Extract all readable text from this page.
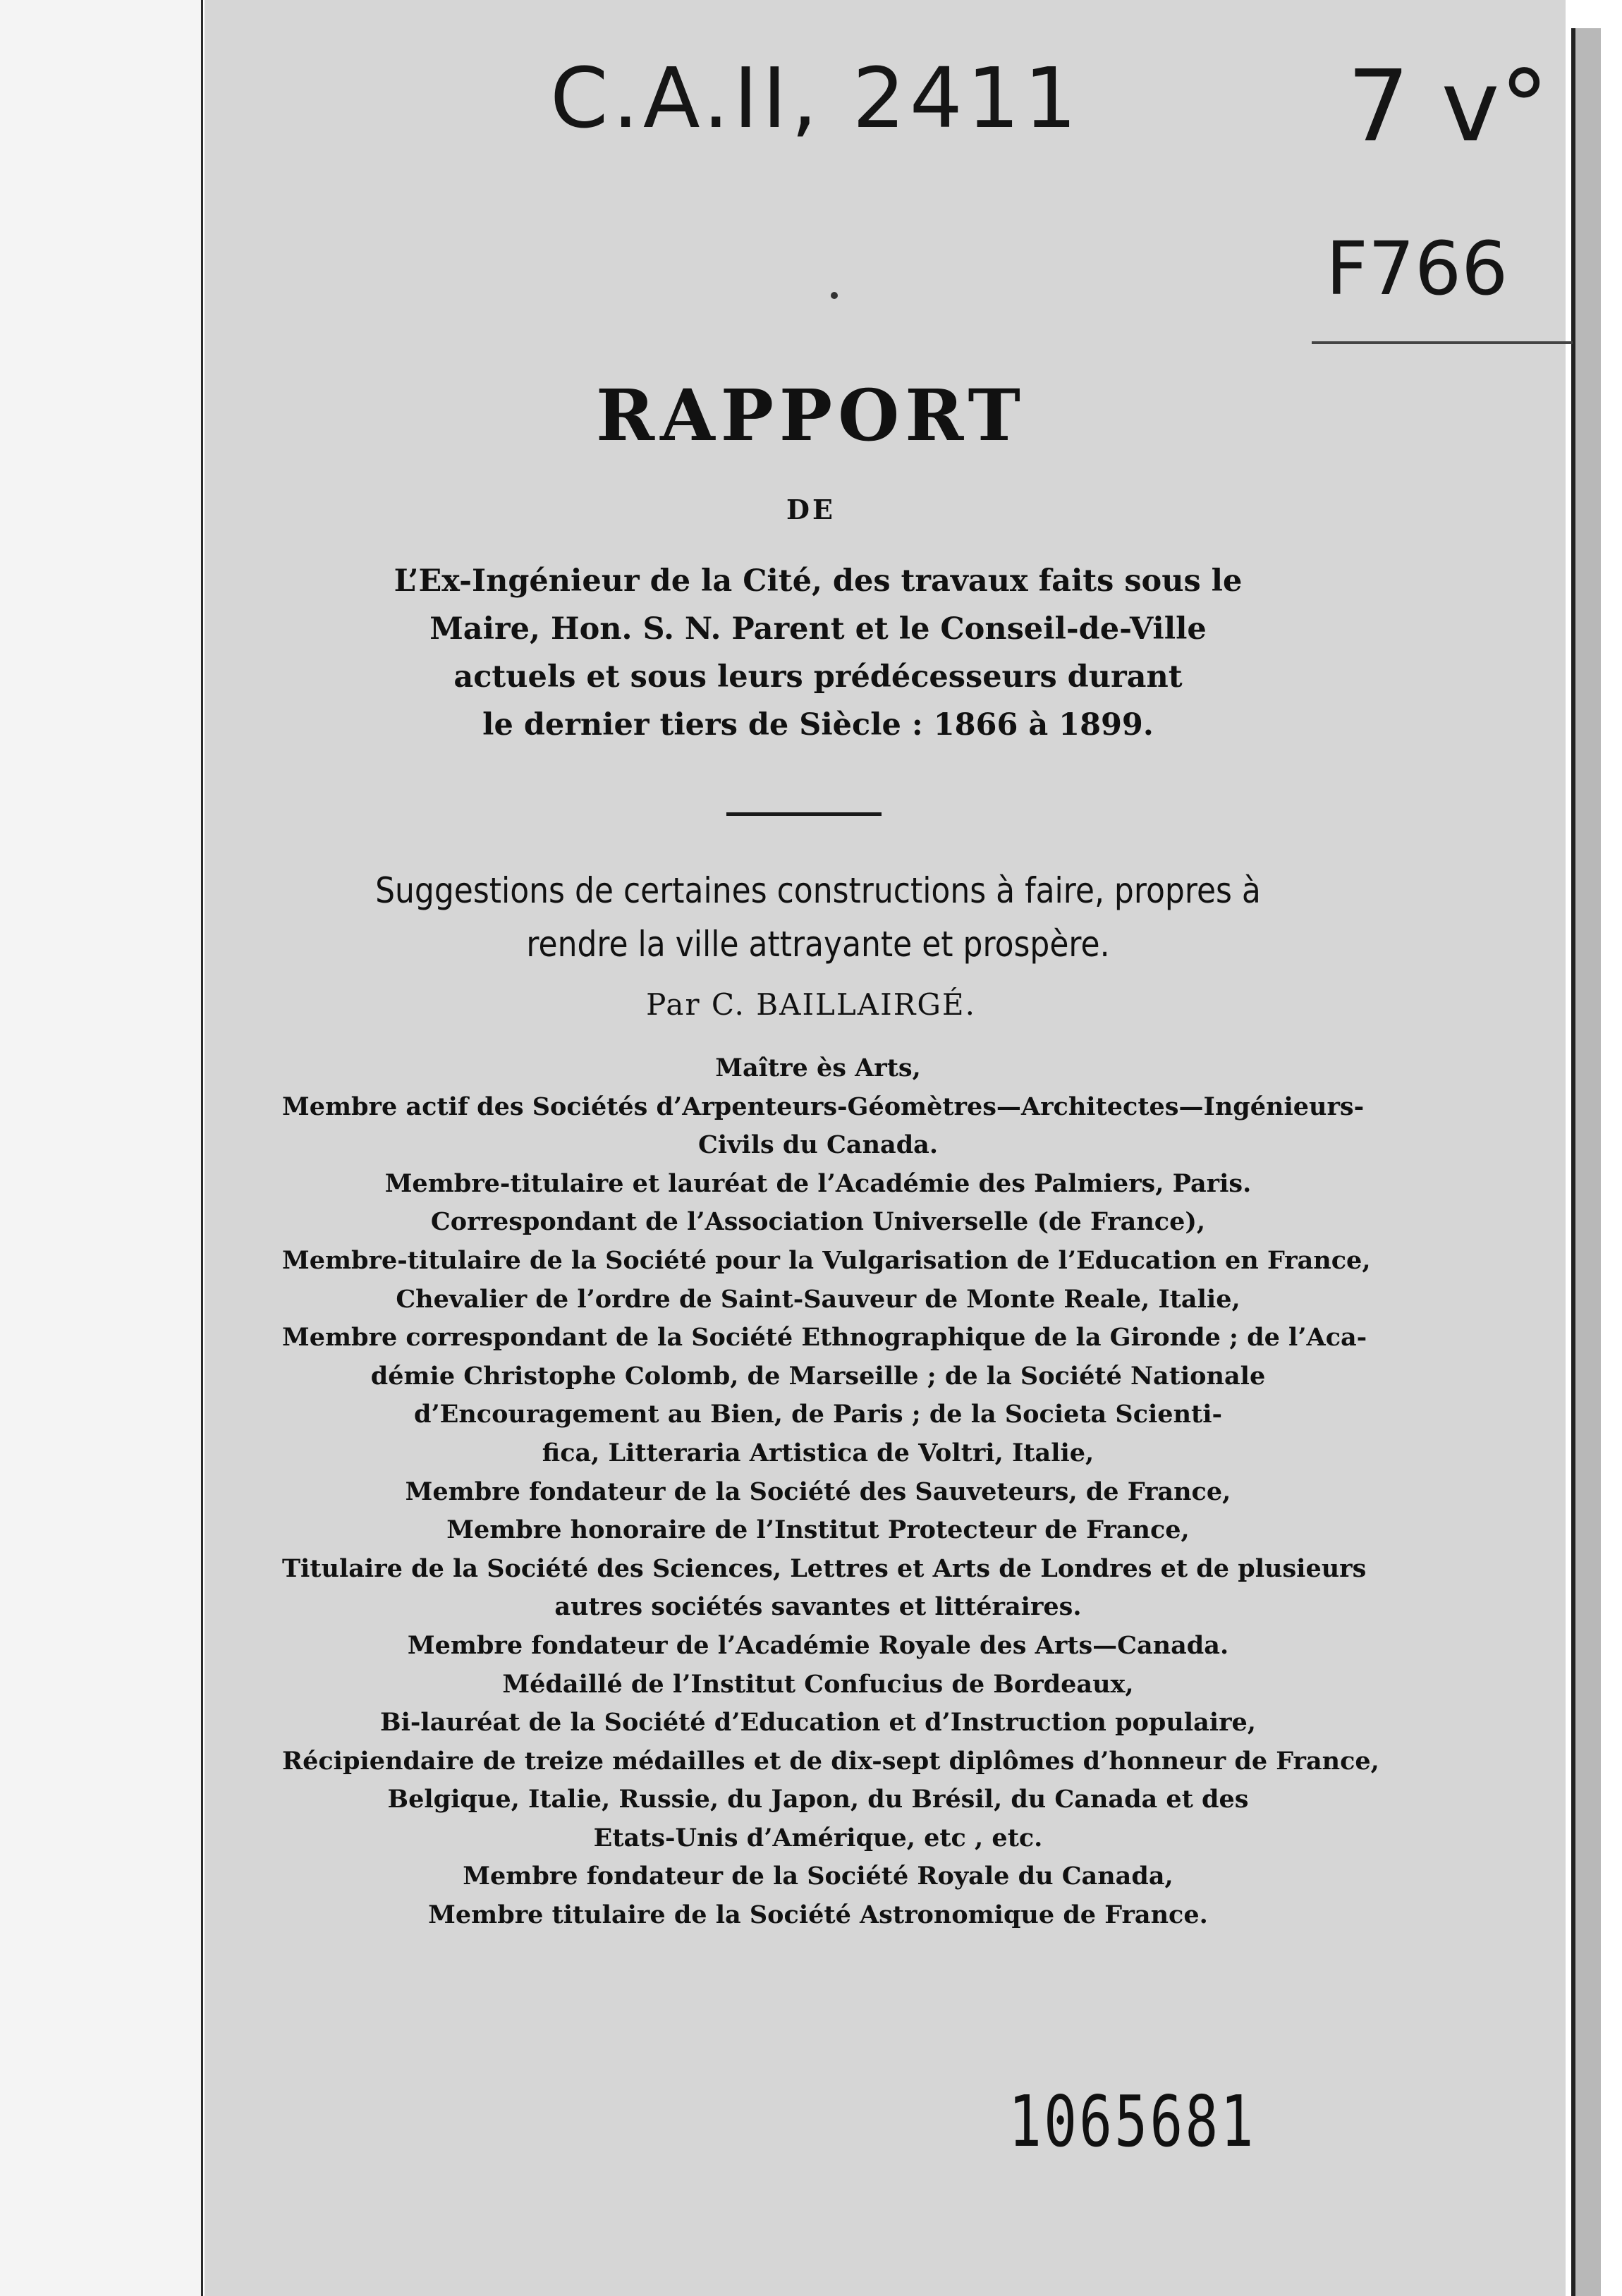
C.A.II, 2411	7 v°
F766
RAPPORT
DE
L’Ex-Ingénieur de la Cité, des travaux faits sous le
Maire, Hon. S. N. Parent et le Conseil-de-Ville
actuels et sous leurs prédécesseurs durant
le dernier tiers de Siècle : 1866 à 1899.
Suggestions de certaines constructions à faire, propres à
rendre la ville attrayante et prospère.
Par C. BAILLAIRGÉ.
Maître ès Arts,
Membre actif des Sociétés d’Arpenteurs-Géomètres—Architectes—Ingénieurs-
Civils du Canada.
Membre-titulaire et lauréat de l’Académie des Palmiers, Paris.
Correspondant de l’Association Universelle (de France),
Membre-titulaire de la Société pour la Vulgarisation de l’Education en France,
Chevalier de l’ordre de Saint-Sauveur de Monte Reale, Italie,
Membre correspondant de la Société Ethnographique de la Gironde ; de l’Aca-
démie Christophe Colomb, de Marseille ; de la Société Nationale
d’Encouragement au Bien, de Paris ; de la Societa Scienti-
fica, Litteraria Artistica de Voltri, Italie,
Membre fondateur de la Société des Sauveteurs, de France,
Membre honoraire de l’Institut Protecteur de France,
Titulaire de la Société des Sciences, Lettres et Arts de Londres et de plusieurs
autres sociétés savantes et littéraires.
Membre fondateur de l’Académie Royale des Arts—Canada.
Médaillé de l’Institut Confucius de Bordeaux,
Bi-lauréat de la Société d’Education et d’Instruction populaire,
Récipiendaire de treize médailles et de dix-sept diplômes d’honneur de France,
Belgique, Italie, Russie, du Japon, du Brésil, du Canada et des
Etats-Unis d’Amérique, etc , etc.
Membre fondateur de la Société Royale du Canada,
Membre titulaire de la Société Astronomique de France.
1065681
